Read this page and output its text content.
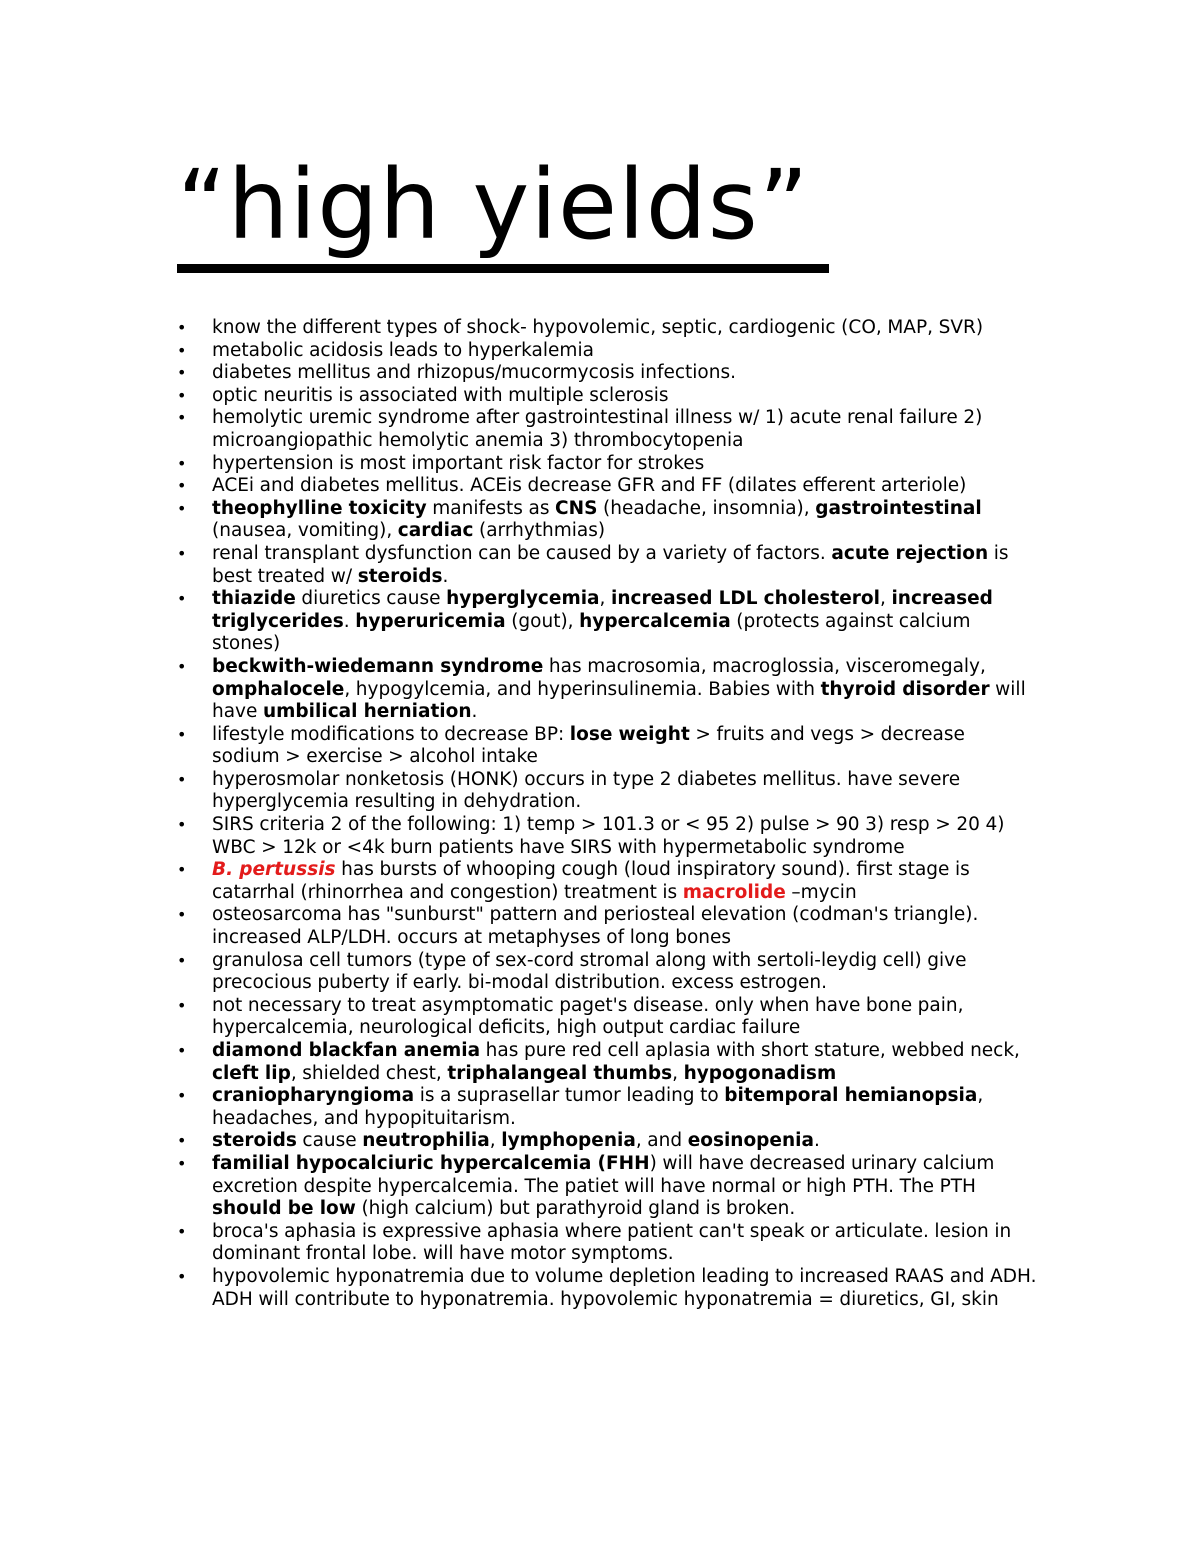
“high yields”
•	know the different types of shock- hypovolemic, septic, cardiogenic (CO, MAP, SVR)
•	metabolic acidosis leads to hyperkalemia
•	diabetes mellitus and rhizopus/mucormycosis infections.
•	optic neuritis is associated with multiple sclerosis
•	hemolytic uremic syndrome after gastrointestinal illness w/ 1) acute renal failure 2) microangiopathic hemolytic anemia 3) thrombocytopenia
•	hypertension is most important risk factor for strokes
•	ACEi and diabetes mellitus. ACEis decrease GFR and FF (dilates efferent arteriole)
•	theophylline toxicity manifests as CNS (headache, insomnia), gastrointestinal (nausea, vomiting), cardiac (arrhythmias)
•	renal transplant dysfunction can be caused by a variety of factors. acute rejection is best treated w/ steroids.
•	thiazide diuretics cause hyperglycemia, increased LDL cholesterol, increased triglycerides. hyperuricemia (gout), hypercalcemia (protects against calcium stones)
•	beckwith-wiedemann syndrome has macrosomia, macroglossia, visceromegaly, omphalocele, hypogylcemia, and hyperinsulinemia. Babies with thyroid disorder will have umbilical herniation.
•	lifestyle modifications to decrease BP: lose weight > fruits and vegs > decrease sodium > exercise > alcohol intake
•	hyperosmolar nonketosis (HONK) occurs in type 2 diabetes mellitus. have severe hyperglycemia resulting in dehydration.
•	SIRS criteria 2 of the following: 1) temp > 101.3 or < 95 2) pulse > 90 3) resp > 20 4) WBC > 12k or <4k burn patients have SIRS with hypermetabolic syndrome
•	B. pertussis has bursts of whooping cough (loud inspiratory sound). first stage is catarrhal (rhinorrhea and congestion) treatment is macrolide –mycin
•	osteosarcoma has "sunburst" pattern and periosteal elevation (codman's triangle). increased ALP/LDH. occurs at metaphyses of long bones
•	granulosa cell tumors (type of sex-cord stromal along with sertoli-leydig cell) give precocious puberty if early. bi-modal distribution. excess estrogen.
•	not necessary to treat asymptomatic paget's disease. only when have bone pain, hypercalcemia, neurological deficits, high output cardiac failure
•	diamond blackfan anemia has pure red cell aplasia with short stature, webbed neck, cleft lip, shielded chest, triphalangeal thumbs, hypogonadism
•	craniopharyngioma is a suprasellar tumor leading to bitemporal hemianopsia, headaches, and hypopituitarism.
•	steroids cause neutrophilia, lymphopenia, and eosinopenia.
•	familial hypocalciuric hypercalcemia (FHH) will have decreased urinary calcium excretion despite hypercalcemia. The patiet will have normal or high PTH. The PTH should be low (high calcium) but parathyroid gland is broken.
•	broca's aphasia is expressive aphasia where patient can't speak or articulate. lesion in dominant frontal lobe. will have motor symptoms.
•	hypovolemic hyponatremia due to volume depletion leading to increased RAAS and ADH. ADH will contribute to hyponatremia. hypovolemic hyponatremia = diuretics, GI, skin
